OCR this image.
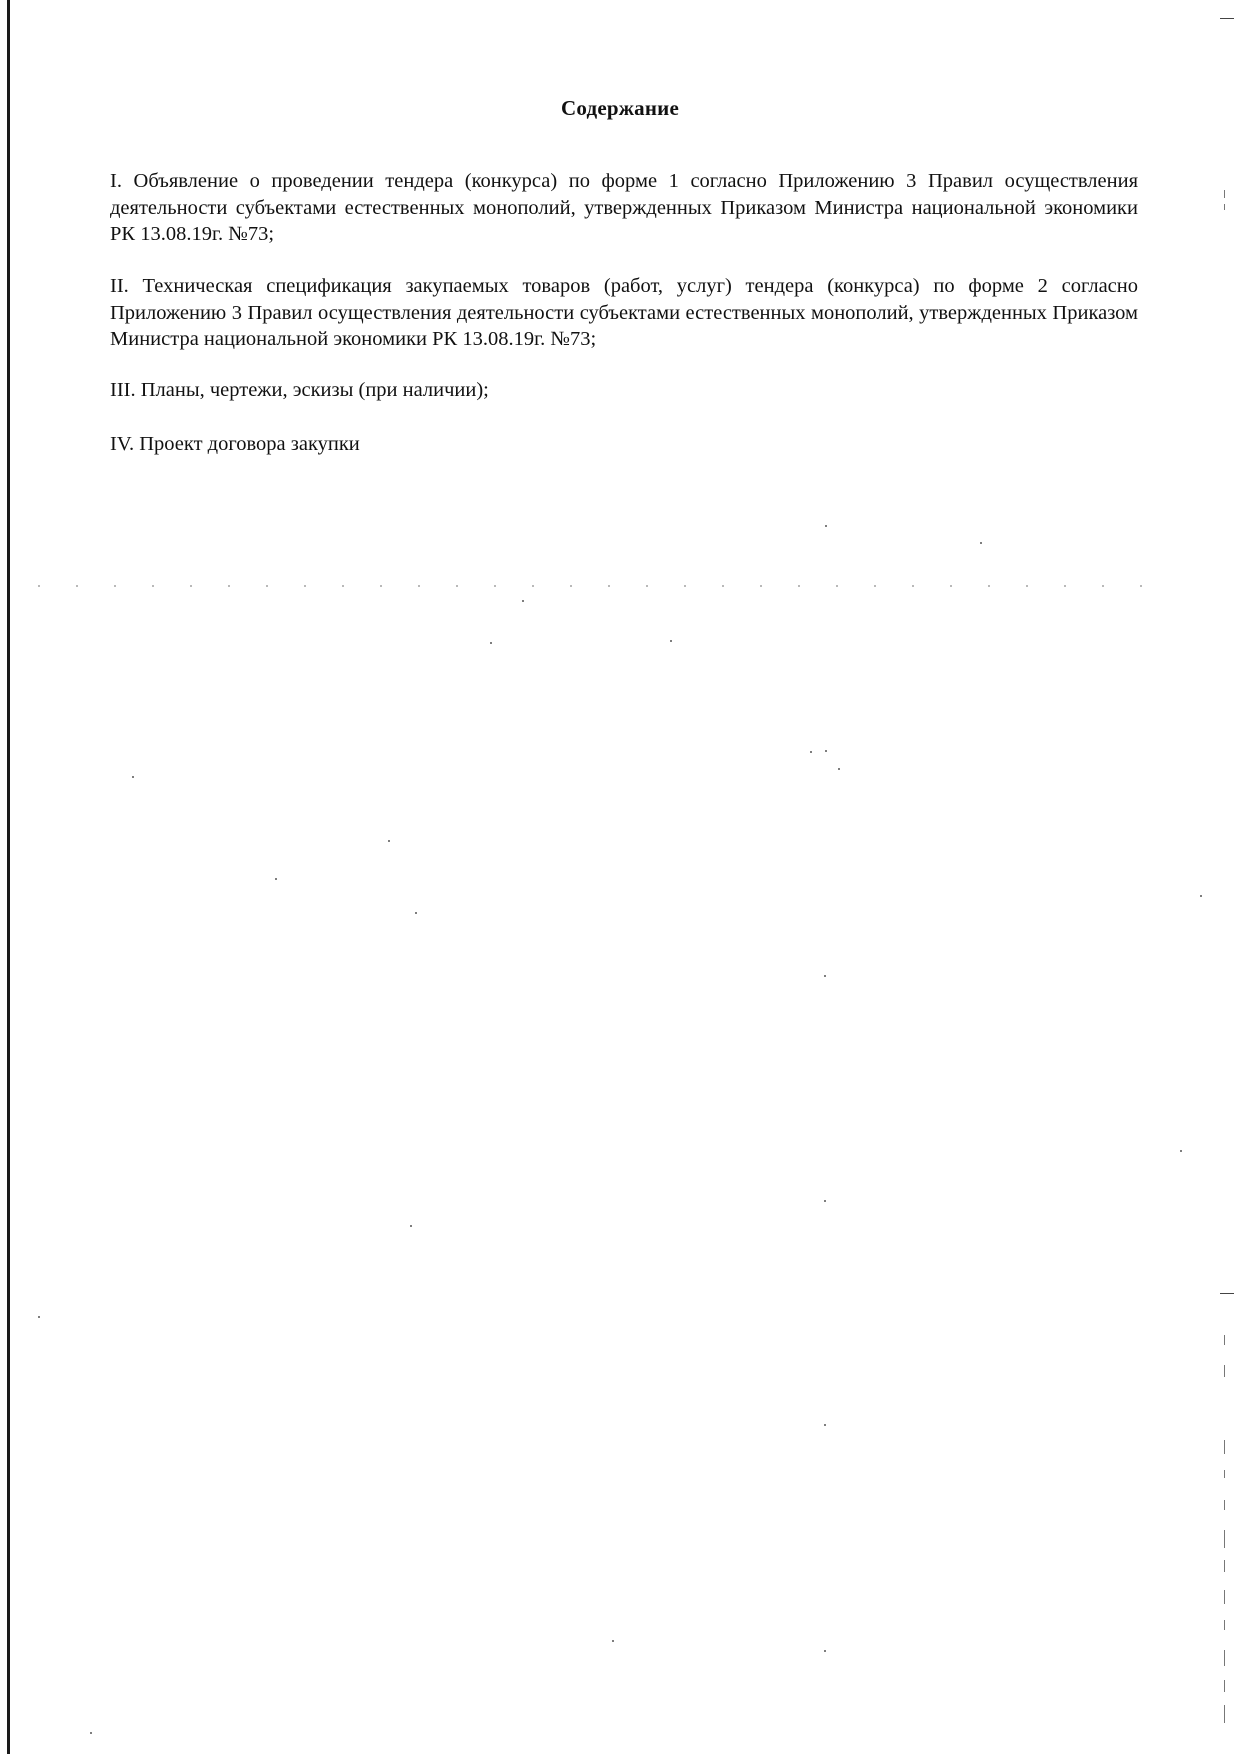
Содержание
I. Объявление о проведении тендера (конкурса) по форме 1 согласно Приложению 3 Правил осуществления деятельности субъектами естественных монополий, утвержденных Приказом Министра национальной экономики РК 13.08.19г. №73;
II. Техническая спецификация закупаемых товаров (работ, услуг) тендера (конкурса) по форме 2 согласно Приложению 3 Правил осуществления деятельности субъектами естественных монополий, утвержденных Приказом Министра национальной экономики РК 13.08.19г. №73;
III. Планы, чертежи, эскизы (при наличии);
IV. Проект договора закупки
